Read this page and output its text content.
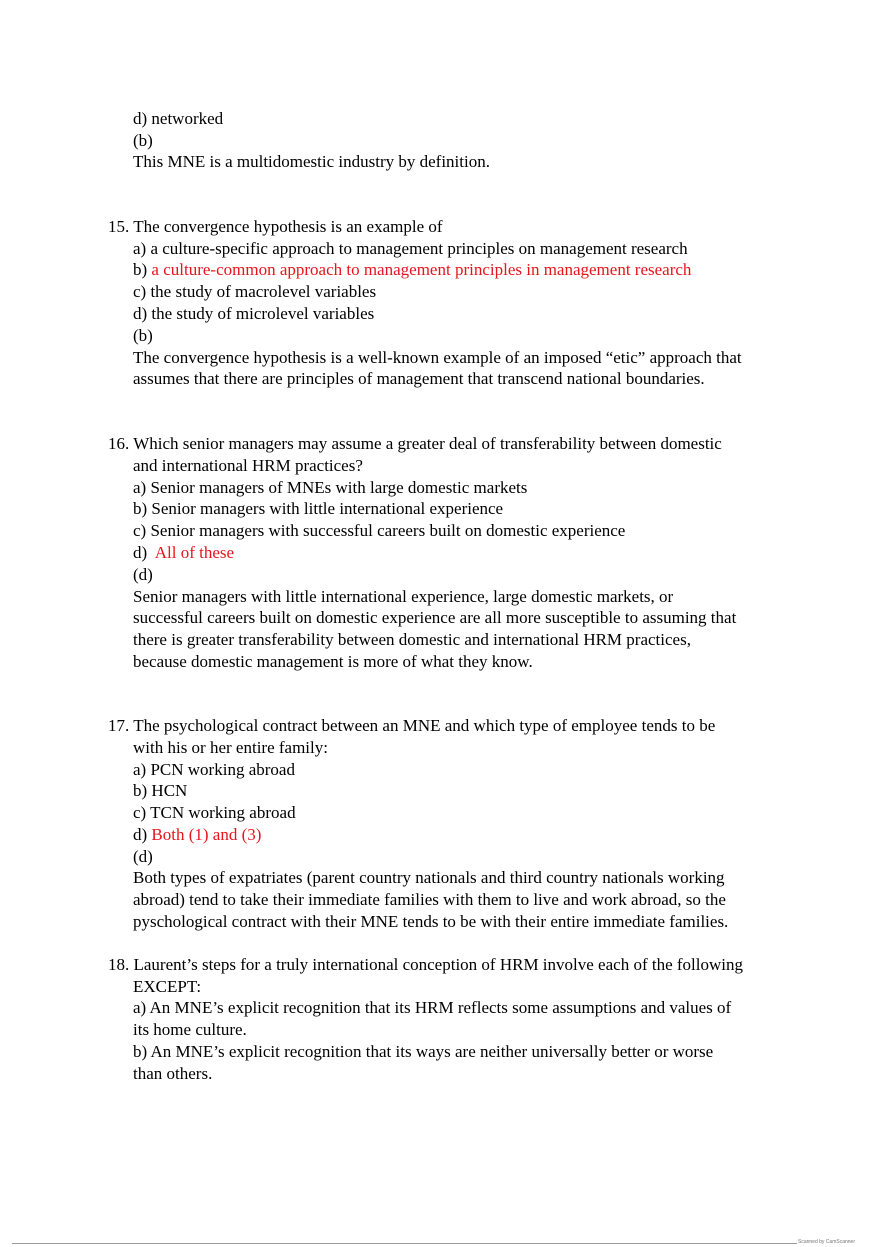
d) networked
(b)
This MNE is a multidomestic industry by definition.
15. The convergence hypothesis is an example of
a) a culture-specific approach to management principles on management research
b) a culture-common approach to management principles in management research
c) the study of macrolevel variables
d) the study of microlevel variables
(b)
The convergence hypothesis is a well-known example of an imposed “etic” approach that
assumes that there are principles of management that transcend national boundaries.
16. Which senior managers may assume a greater deal of transferability between domestic
and international HRM practices?
a) Senior managers of MNEs with large domestic markets
b) Senior managers with little international experience
c) Senior managers with successful careers built on domestic experience
d)  All of these
(d)
Senior managers with little international experience, large domestic markets, or
successful careers built on domestic experience are all more susceptible to assuming that
there is greater transferability between domestic and international HRM practices,
because domestic management is more of what they know.
17. The psychological contract between an MNE and which type of employee tends to be
with his or her entire family:
a) PCN working abroad
b) HCN
c) TCN working abroad
d) Both (1) and (3)
(d)
Both types of expatriates (parent country nationals and third country nationals working
abroad) tend to take their immediate families with them to live and work abroad, so the
pyschological contract with their MNE tends to be with their entire immediate families.
18. Laurent’s steps for a truly international conception of HRM involve each of the following
EXCEPT:
a) An MNE’s explicit recognition that its HRM reflects some assumptions and values of
its home culture.
b) An MNE’s explicit recognition that its ways are neither universally better or worse
than others.
Scanned by CamScanner
